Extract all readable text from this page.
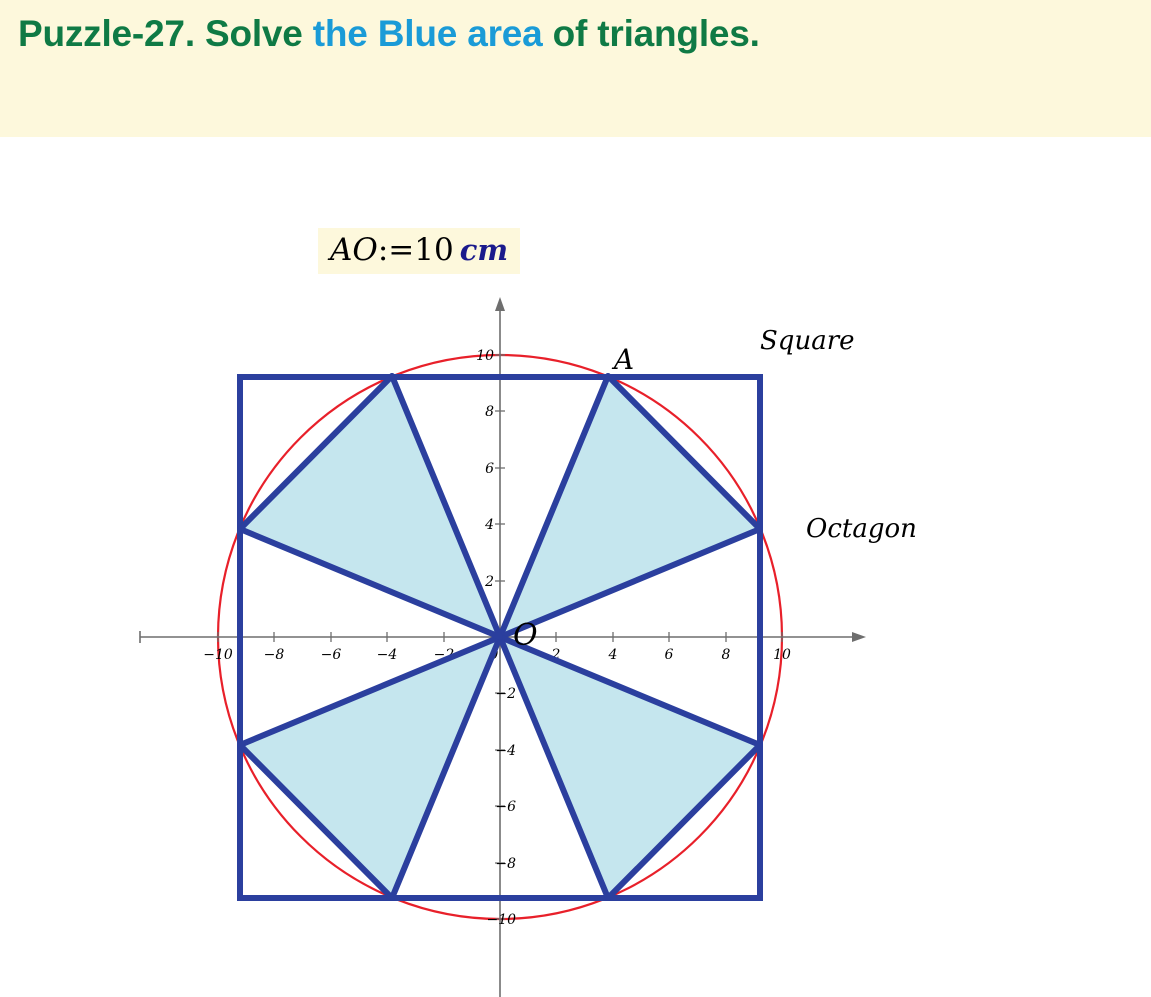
Puzzle-27. Solve the Blue area of triangles.
AO:=10 cm
−10 −8	−6	−4	−2	0	2	4	6	8	10
−10
−8
−6
−4
−2
2
4
6
8
10	A
O
Square
Octagon
